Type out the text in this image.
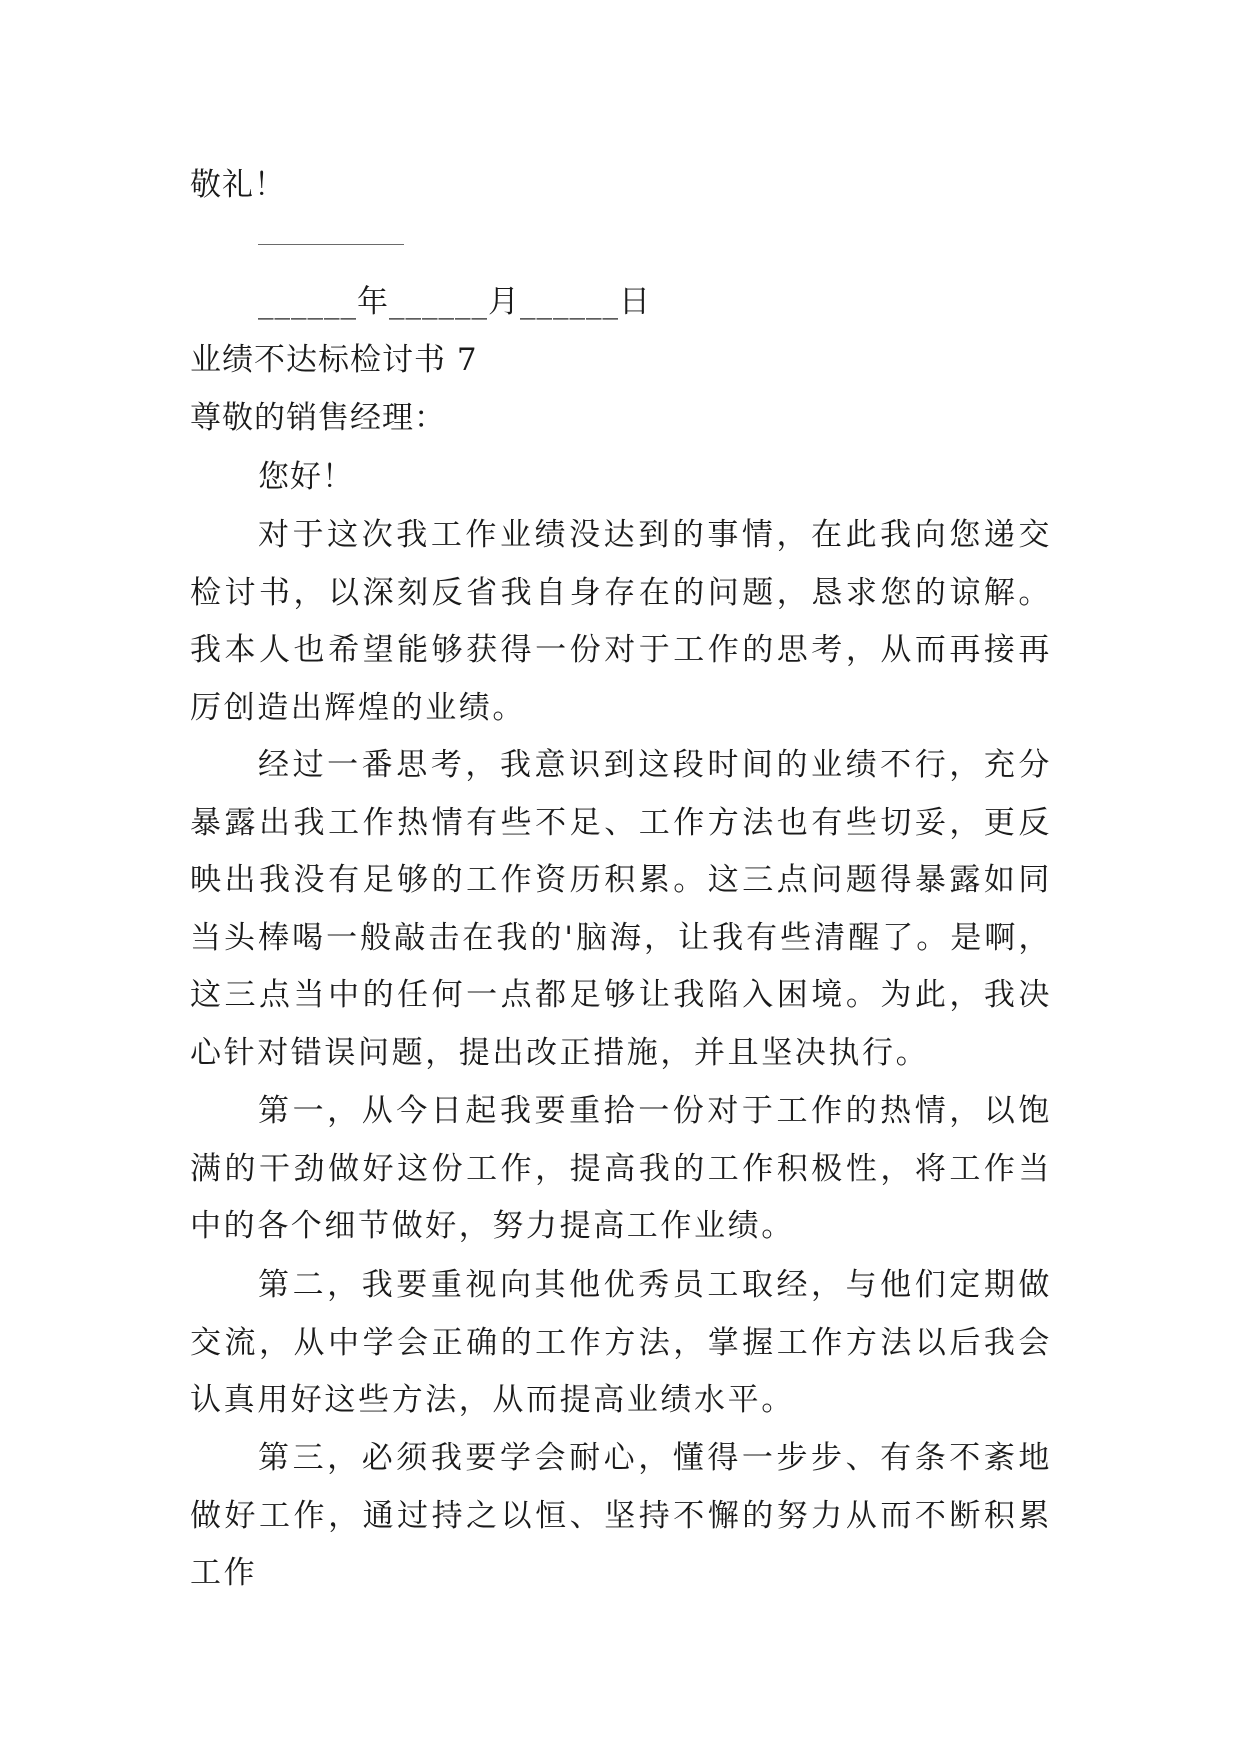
敬礼！
______年______月______日
业绩不达标检讨书 7
尊敬的销售经理：
您好！
对于这次我工作业绩没达到的事情，在此我向您递交检讨书，以深刻反省我自身存在的问题，恳求您的谅解。我本人也希望能够获得一份对于工作的思考，从而再接再厉创造出辉煌的业绩。
经过一番思考，我意识到这段时间的业绩不行，充分暴露出我工作热情有些不足、工作方法也有些切妥，更反映出我没有足够的工作资历积累。这三点问题得暴露如同当头棒喝一般敲击在我的'脑海，让我有些清醒了。是啊，这三点当中的任何一点都足够让我陷入困境。为此，我决心针对错误问题，提出改正措施，并且坚决执行。
第一，从今日起我要重拾一份对于工作的热情，以饱满的干劲做好这份工作，提高我的工作积极性，将工作当中的各个细节做好，努力提高工作业绩。
第二，我要重视向其他优秀员工取经，与他们定期做交流，从中学会正确的工作方法，掌握工作方法以后我会认真用好这些方法，从而提高业绩水平。
第三，必须我要学会耐心，懂得一步步、有条不紊地做好工作，通过持之以恒、坚持不懈的努力从而不断积累工作
